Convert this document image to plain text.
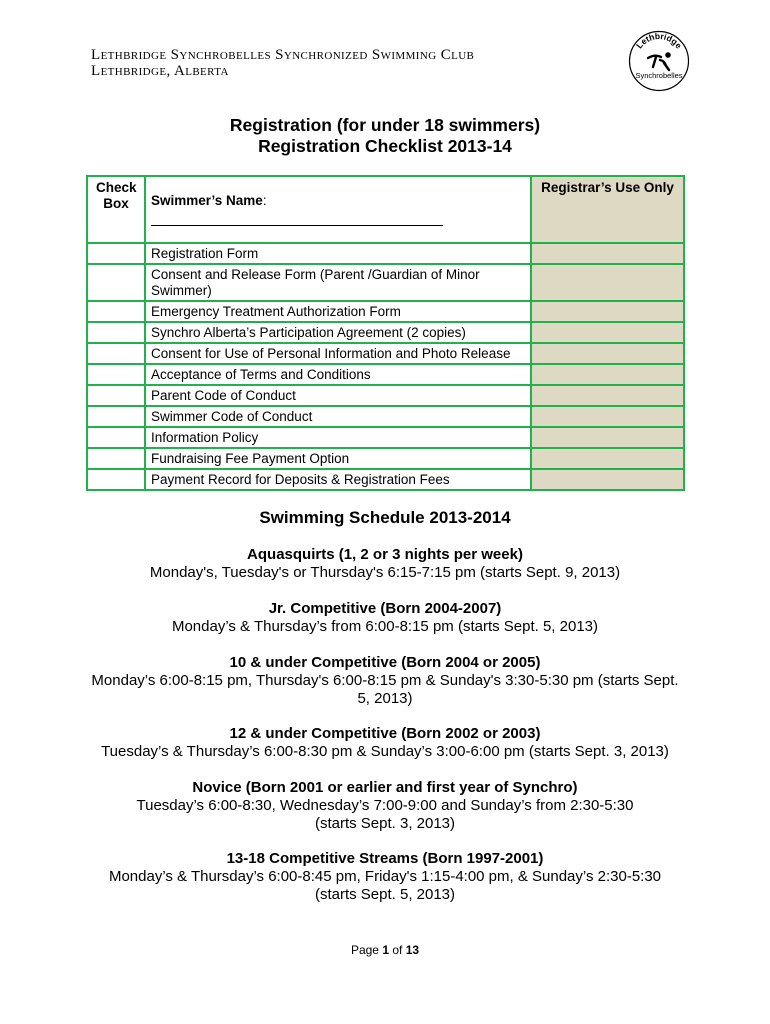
Lethbridge Synchrobelles Synchronized Swimming Club
Lethbridge, Alberta
Lethbridge
Synchrobelles
Registration (for under 18 swimmers)
Registration Checklist 2013-14
Check Box	Swimmer’s Name:	Registrar’s Use Only
	Registration Form	
	Consent and Release Form (Parent /Guardian of Minor Swimmer)	
	Emergency Treatment Authorization Form	
	Synchro Alberta’s Participation Agreement (2 copies)	
	Consent for Use of Personal Information and Photo Release	
	Acceptance of Terms and Conditions	
	Parent Code of Conduct	
	Swimmer Code of Conduct	
	Information Policy	
	Fundraising Fee Payment Option	
	Payment Record for Deposits & Registration Fees	
Swimming Schedule 2013-2014
Aquasquirts (1, 2 or 3 nights per week)
Monday's, Tuesday's or Thursday's 6:15-7:15 pm (starts Sept. 9, 2013)
Jr. Competitive (Born 2004-2007)
Monday’s & Thursday’s from 6:00-8:15 pm (starts Sept. 5, 2013)
10 & under Competitive (Born 2004 or 2005)
Monday’s 6:00-8:15 pm, Thursday's 6:00-8:15 pm & Sunday's 3:30-5:30 pm (starts Sept. 5, 2013)
12 & under Competitive (Born 2002 or 2003)
Tuesday’s & Thursday’s 6:00-8:30 pm & Sunday’s 3:00-6:00 pm (starts Sept. 3, 2013)
Novice (Born 2001 or earlier and first year of Synchro)
Tuesday’s 6:00-8:30, Wednesday’s 7:00-9:00 and Sunday’s from 2:30-5:30 (starts Sept. 3, 2013)
13-18 Competitive Streams (Born 1997-2001)
Monday’s & Thursday’s 6:00-8:45 pm, Friday's 1:15-4:00 pm, & Sunday’s 2:30-5:30 (starts Sept. 5, 2013)
Page 1 of 13
